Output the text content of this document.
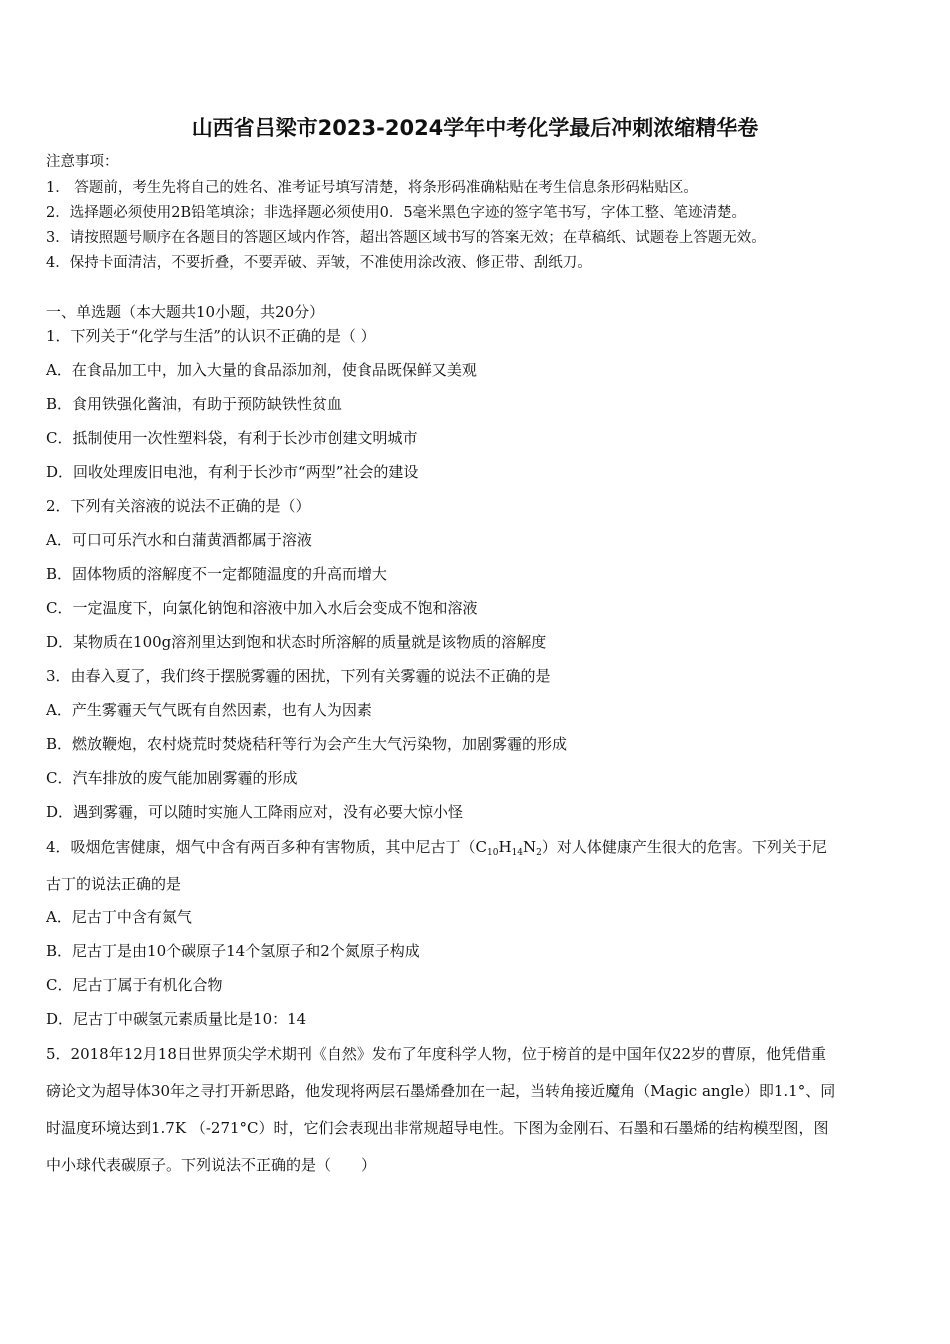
山西省吕梁市2023-2024学年中考化学最后冲刺浓缩精华卷
注意事项：
1． 答题前，考生先将自己的姓名、准考证号填写清楚，将条形码准确粘贴在考生信息条形码粘贴区。
2．选择题必须使用2B铅笔填涂；非选择题必须使用0．5毫米黑色字迹的签字笔书写，字体工整、笔迹清楚。
3．请按照题号顺序在各题目的答题区域内作答，超出答题区域书写的答案无效；在草稿纸、试题卷上答题无效。
4．保持卡面清洁，不要折叠，不要弄破、弄皱，不准使用涂改液、修正带、刮纸刀。
一、单选题（本大题共10小题，共20分）
1．下列关于“化学与生活”的认识不正确的是（ ）
A．在食品加工中，加入大量的食品添加剂，使食品既保鲜又美观
B．食用铁强化酱油，有助于预防缺铁性贫血
C．抵制使用一次性塑料袋，有利于长沙市创建文明城市
D．回收处理废旧电池，有利于长沙市“两型”社会的建设
2．下列有关溶液的说法不正确的是（）
A．可口可乐汽水和白蒲黄酒都属于溶液
B．固体物质的溶解度不一定都随温度的升高而增大
C．一定温度下，向氯化钠饱和溶液中加入水后会变成不饱和溶液
D．某物质在100g溶剂里达到饱和状态时所溶解的质量就是该物质的溶解度
3．由春入夏了，我们终于摆脱雾霾的困扰，下列有关雾霾的说法不正确的是
A．产生雾霾天气气既有自然因素，也有人为因素
B．燃放鞭炮，农村烧荒时焚烧秸秆等行为会产生大气污染物，加剧雾霾的形成
C．汽车排放的废气能加剧雾霾的形成
D．遇到雾霾，可以随时实施人工降雨应对，没有必要大惊小怪
4．吸烟危害健康，烟气中含有两百多种有害物质，其中尼古丁$(C_{10}H_{14}N_2)$对人体健康产生很大的危害。下列关于尼
古丁的说法正确的是
A．尼古丁中含有氮气
B．尼古丁是由10个碳原子14个氢原子和2个氮原子构成
C．尼古丁属于有机化合物
D．尼古丁中碳氢元素质量比是10：14
5．2018年12月18日世界顶尖学术期刊《自然》发布了年度科学人物，位于榜首的是中国年仅22岁的曹原，他凭借重
磅论文为超导体30年之寻打开新思路，他发现将两层石墨烯叠加在一起，当转角接近魔角（Magic angle）即1.1°、同
时温度环境达到1.7K （-271°C）时，它们会表现出非常规超导电性。下图为金刚石、石墨和石墨烯的结构模型图，图
中小球代表碳原子。下列说法不正确的是（　　）
